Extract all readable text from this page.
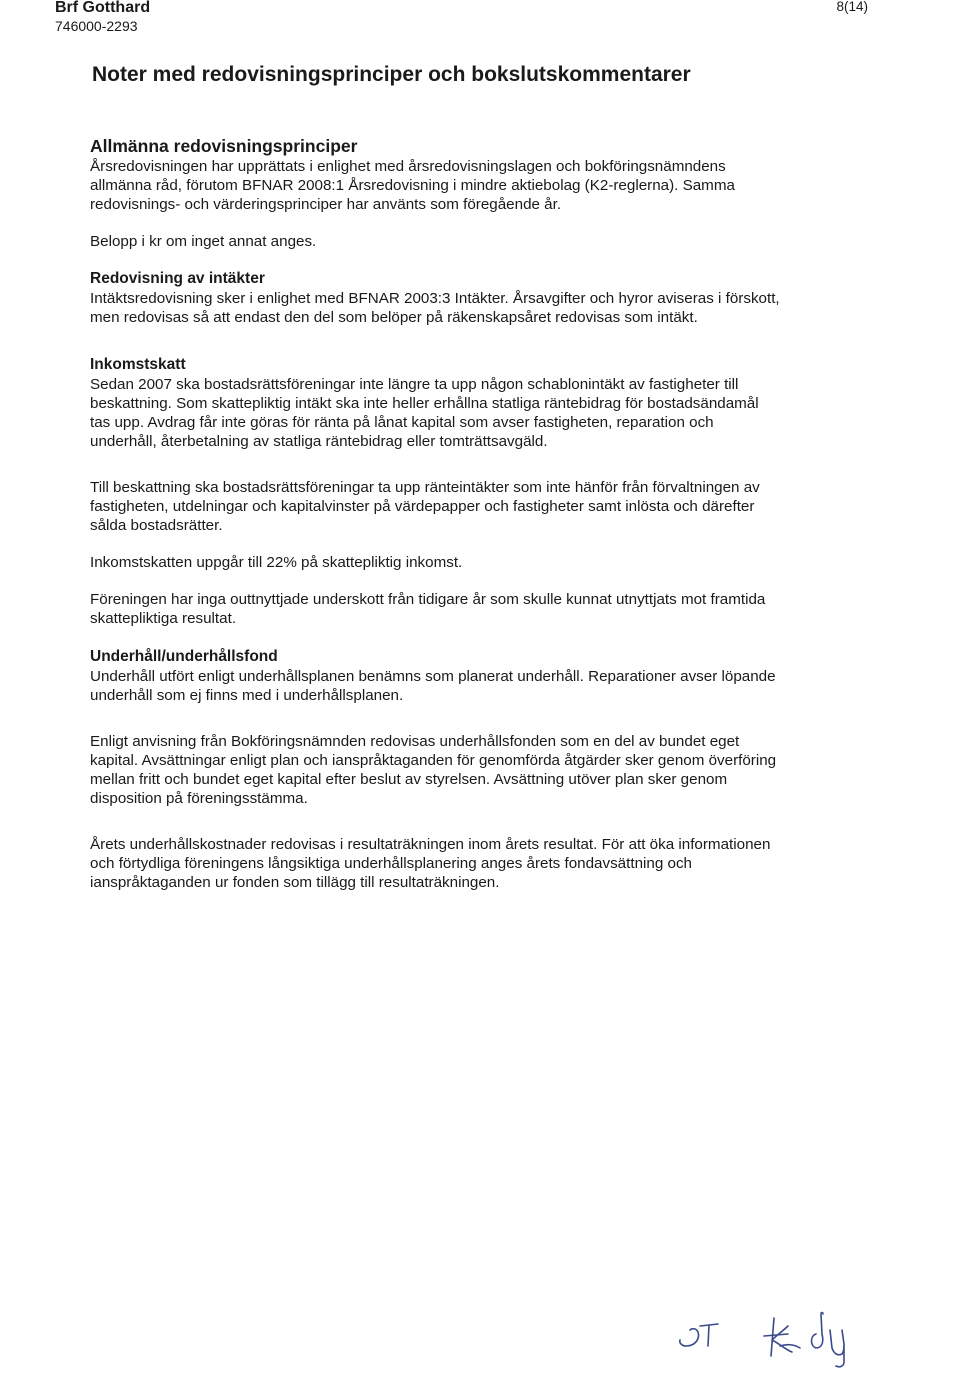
Brf Gotthard
746000-2293
8(14)
Noter med redovisningsprinciper och bokslutskommentarer
Allmänna redovisningsprinciper

Årsredovisningen har upprättats i enlighet med årsredovisningslagen och bokföringsnämndens
allmänna råd, förutom BFNAR 2008:1 Årsredovisning i mindre aktiebolag (K2-reglerna). Samma
redovisnings- och värderingsprinciper har använts som föregående år.

Belopp i kr om inget annat anges.

Redovisning av intäkter

Intäktsredovisning sker i enlighet med BFNAR 2003:3 Intäkter. Årsavgifter och hyror aviseras i förskott,
men redovisas så att endast den del som belöper på räkenskapsåret redovisas som intäkt.

Inkomstskatt

Sedan 2007 ska bostadsrättsföreningar inte längre ta upp någon schablonintäkt av fastigheter till
beskattning. Som skattepliktig intäkt ska inte heller erhållna statliga räntebidrag för bostadsändamål
tas upp. Avdrag får inte göras för ränta på lånat kapital som avser fastigheten, reparation och
underhåll, återbetalning av statliga räntebidrag eller tomträttsavgäld.

Till beskattning ska bostadsrättsföreningar ta upp ränteintäkter som inte hänför från förvaltningen av
fastigheten, utdelningar och kapitalvinster på värdepapper och fastigheter samt inlösta och därefter
sålda bostadsrätter.

Inkomstskatten uppgår till 22% på skattepliktig inkomst.

Föreningen har inga outtnyttjade underskott från tidigare år som skulle kunnat utnyttjats mot framtida
skattepliktiga resultat.

Underhåll/underhållsfond

Underhåll utfört enligt underhållsplanen benämns som planerat underhåll. Reparationer avser löpande
underhåll som ej finns med i underhållsplanen.

Enligt anvisning från Bokföringsnämnden redovisas underhållsfonden som en del av bundet eget
kapital. Avsättningar enligt plan och ianspråktaganden för genomförda åtgärder sker genom överföring
mellan fritt och bundet eget kapital efter beslut av styrelsen. Avsättning utöver plan sker genom
disposition på föreningsstämma.

Årets underhållskostnader redovisas i resultaträkningen inom årets resultat. För att öka informationen
och förtydliga föreningens långsiktiga underhållsplanering anges årets fondavsättning och
ianspråktaganden ur fonden som tillägg till resultaträkningen.
